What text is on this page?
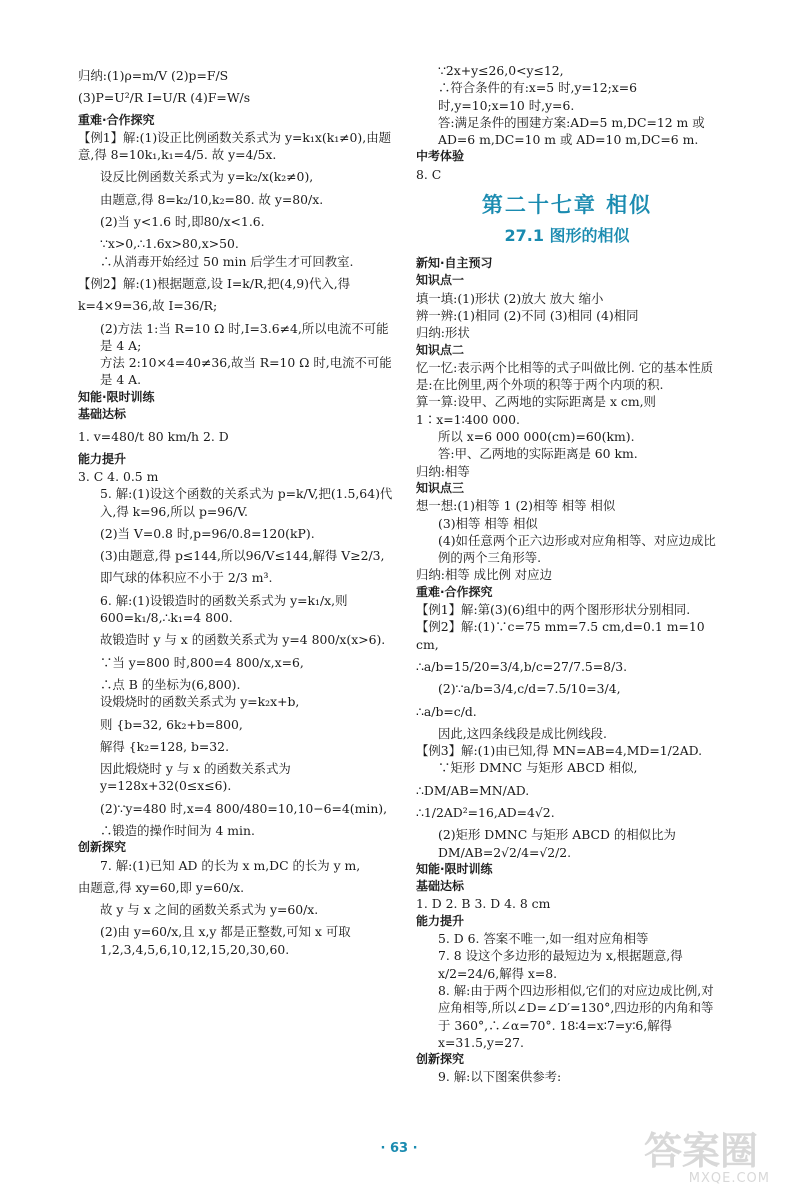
归纳:(1)ρ=m/V (2)p=F/S
(3)P=U²/R I=U/R (4)F=W/s
重难·合作探究
【例1】解:(1)设正比例函数关系式为 y=k₁x(k₁≠0),由题意,得 8=10k₁,k₁=4/5. 故 y=4/5x.
设反比例函数关系式为 y=k₂/x(k₂≠0),
由题意,得 8=k₂/10,k₂=80. 故 y=80/x.
(2)当 y<1.6 时,即80/x<1.6.
∵x>0,∴1.6x>80,x>50.
∴从消毒开始经过 50 min 后学生才可回教室.
【例2】解:(1)根据题意,设 I=k/R,把(4,9)代入,得
k=4×9=36,故 I=36/R;
(2)方法 1:当 R=10 Ω 时,I=3.6≠4,所以电流不可能是 4 A;
方法 2:10×4=40≠36,故当 R=10 Ω 时,电流不可能是 4 A.
知能·限时训练
基础达标
1. v=480/t 80 km/h 2. D
能力提升
3. C 4. 0.5 m
5. 解:(1)设这个函数的关系式为 p=k/V,把(1.5,64)代入,得 k=96,所以 p=96/V.
(2)当 V=0.8 时,p=96/0.8=120(kP).
(3)由题意,得 p≤144,所以96/V≤144,解得 V≥2/3,
即气球的体积应不小于 2/3 m³.
6. 解:(1)设锻造时的函数关系式为 y=k₁/x,则600=k₁/8,∴k₁=4 800.
故锻造时 y 与 x 的函数关系式为 y=4 800/x(x>6).
∵当 y=800 时,800=4 800/x,x=6,
∴点 B 的坐标为(6,800).
设煅烧时的函数关系式为 y=k₂x+b,
则 {b=32, 6k₂+b=800,
解得 {k₂=128, b=32.
因此煅烧时 y 与 x 的函数关系式为 y=128x+32(0≤x≤6).
(2)∵y=480 时,x=4 800/480=10,10−6=4(min),
∴锻造的操作时间为 4 min.
创新探究
7. 解:(1)已知 AD 的长为 x m,DC 的长为 y m,
由题意,得 xy=60,即 y=60/x.
故 y 与 x 之间的函数关系式为 y=60/x.
(2)由 y=60/x,且 x,y 都是正整数,可知 x 可取 1,2,3,4,5,6,10,12,15,20,30,60.
∵2x+y≤26,0<y≤12,
∴符合条件的有:x=5 时,y=12;x=6 时,y=10;x=10 时,y=6.
答:满足条件的围建方案:AD=5 m,DC=12 m 或 AD=6 m,DC=10 m 或 AD=10 m,DC=6 m.
中考体验
8. C
第二十七章 相似
27.1 图形的相似
新知·自主预习
知识点一
填一填:(1)形状 (2)放大 放大 缩小
辨一辨:(1)相同 (2)不同 (3)相同 (4)相同
归纳:形状
知识点二
忆一忆:表示两个比相等的式子叫做比例. 它的基本性质是:在比例里,两个外项的积等于两个内项的积.
算一算:设甲、乙两地的实际距离是 x cm,则 1∶x=1∶400 000.
所以 x=6 000 000(cm)=60(km).
答:甲、乙两地的实际距离是 60 km.
归纳:相等
知识点三
想一想:(1)相等 1 (2)相等 相等 相似
(3)相等 相等 相似
(4)如任意两个正六边形或对应角相等、对应边成比例的两个三角形等.
归纳:相等 成比例 对应边
重难·合作探究
【例1】解:第(3)(6)组中的两个图形形状分别相同.
【例2】解:(1)∵c=75 mm=7.5 cm,d=0.1 m=10 cm,
∴a/b=15/20=3/4,b/c=27/7.5=8/3.
(2)∵a/b=3/4,c/d=7.5/10=3/4,
∴a/b=c/d.
因此,这四条线段是成比例线段.
【例3】解:(1)由已知,得 MN=AB=4,MD=1/2AD.
∵矩形 DMNC 与矩形 ABCD 相似,
∴DM/AB=MN/AD.
∴1/2AD²=16,AD=4√2.
(2)矩形 DMNC 与矩形 ABCD 的相似比为 DM/AB=2√2/4=√2/2.
知能·限时训练
基础达标
1. D 2. B 3. D 4. 8 cm
能力提升
5. D 6. 答案不唯一,如一组对应角相等
7. 8 设这个多边形的最短边为 x,根据题意,得 x/2=24/6,解得 x=8.
8. 解:由于两个四边形相似,它们的对应边成比例,对应角相等,所以∠D=∠D′=130°,四边形的内角和等于 360°,∴∠α=70°. 18∶4=x∶7=y∶6,解得 x=31.5,y=27.
创新探究
9. 解:以下图案供参考:
· 63 ·	答案圈
MXQE.COM
